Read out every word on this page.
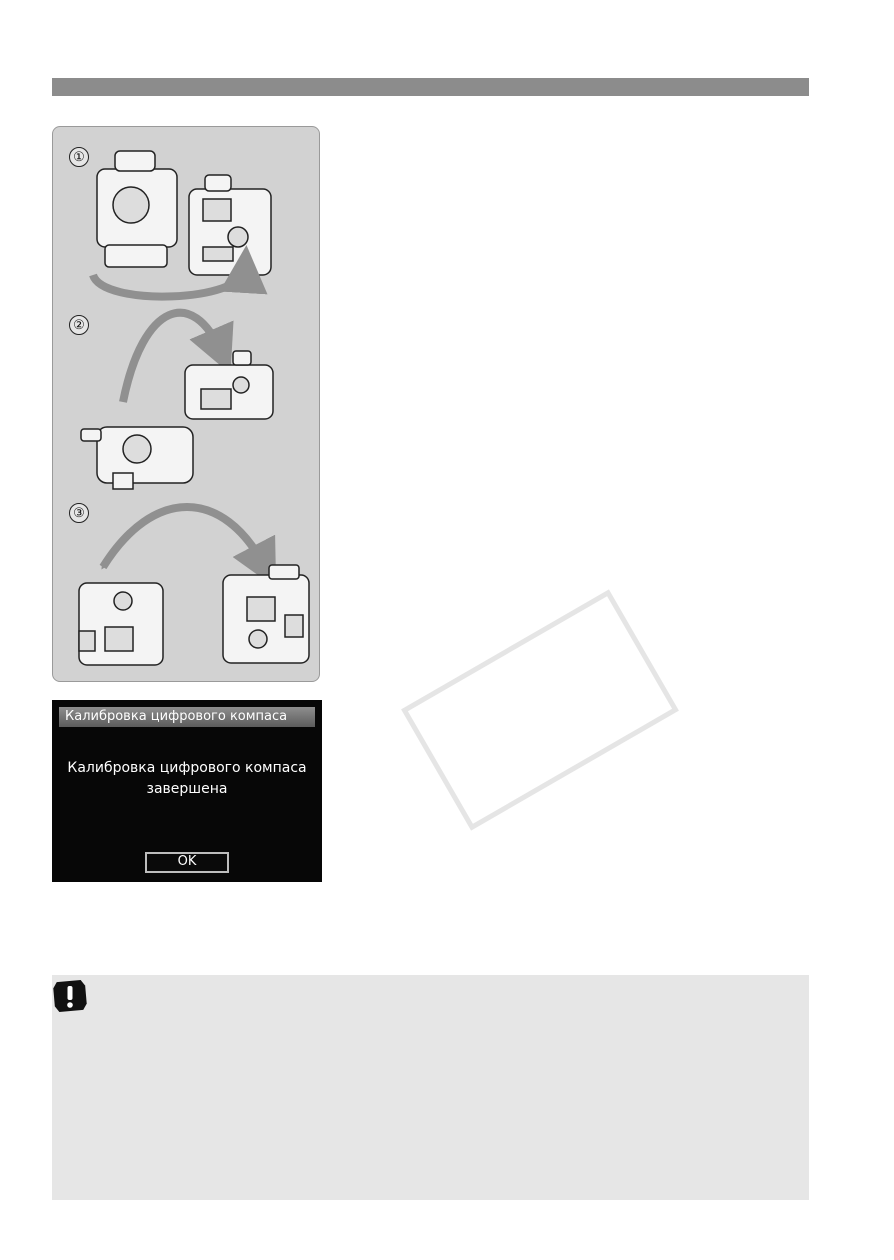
①
②
③
Калибровка цифрового компаса
Калибровка цифрового компаса
завершена
OK
